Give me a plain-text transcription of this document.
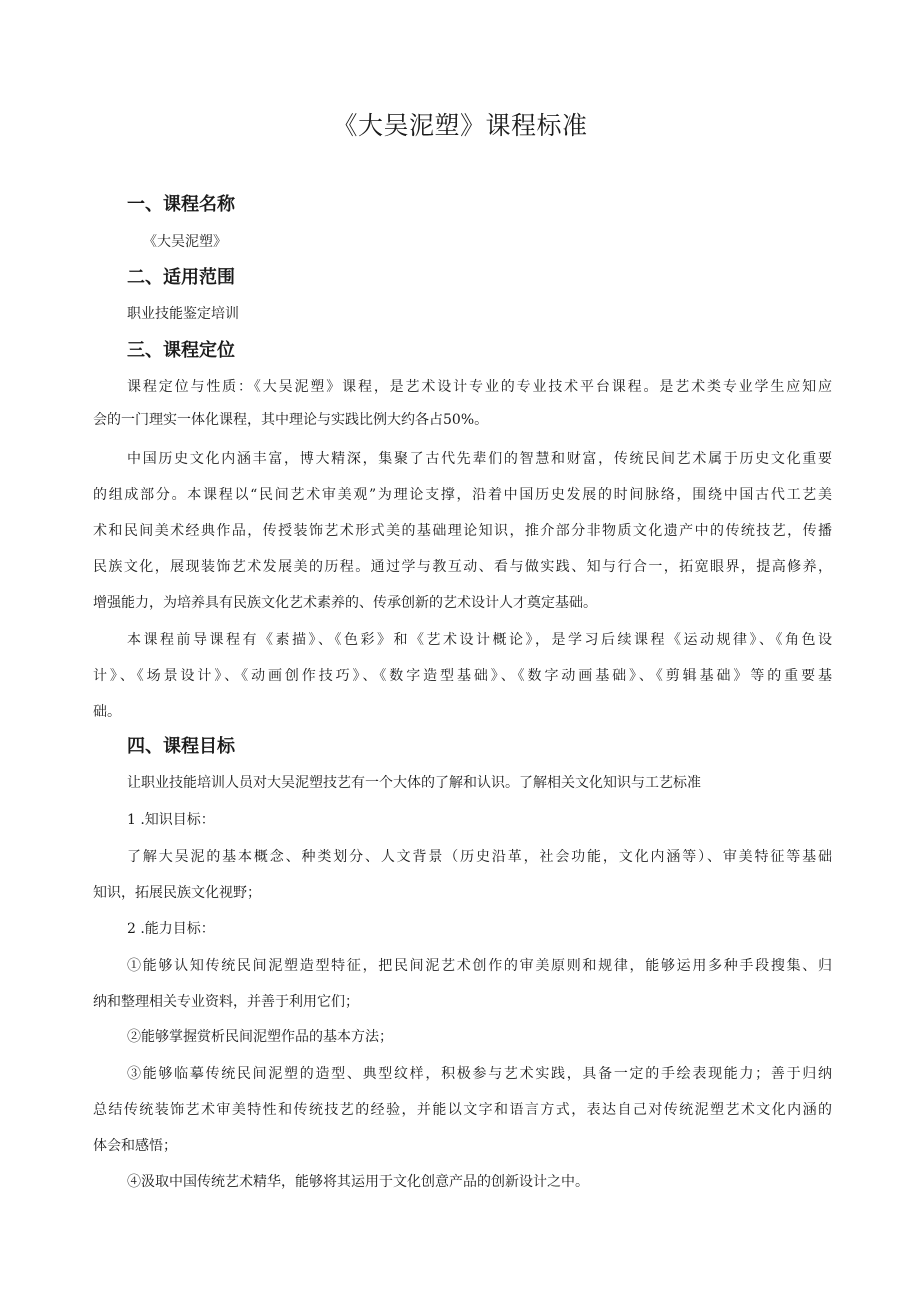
《大吴泥塑》课程标准
一、课程名称
《大吴泥塑》
二、适用范围
职业技能鉴定培训
三、课程定位
课程定位与性质：《大吴泥塑》课程，是艺术设计专业的专业技术平台课程。是艺术类专业学生应知应
会的一门理实一体化课程，其中理论与实践比例大约各占50%。
中国历史文化内涵丰富，博大精深，集聚了古代先辈们的智慧和财富，传统民间艺术属于历史文化重要
的组成部分。本课程以“民间艺术审美观”为理论支撑，沿着中国历史发展的时间脉络，围绕中国古代工艺美
术和民间美术经典作品，传授装饰艺术形式美的基础理论知识，推介部分非物质文化遗产中的传统技艺，传播
民族文化，展现装饰艺术发展美的历程。通过学与教互动、看与做实践、知与行合一，拓宽眼界，提高修养，
增强能力，为培养具有民族文化艺术素养的、传承创新的艺术设计人才奠定基础。
本课程前导课程有《素描》、《色彩》和《艺术设计概论》，是学习后续课程《运动规律》、《角色设
计》、《场景设计》、《动画创作技巧》、《数字造型基础》、《数字动画基础》、《剪辑基础》等的重要基
础。
四、课程目标
让职业技能培训人员对大吴泥塑技艺有一个大体的了解和认识。了解相关文化知识与工艺标准
1 .知识目标：
了解大吴泥的基本概念、种类划分、人文背景（历史沿革，社会功能，文化内涵等）、审美特征等基础
知识，拓展民族文化视野；
2 .能力目标：
①能够认知传统民间泥塑造型特征，把民间泥艺术创作的审美原则和规律，能够运用多种手段搜集、归
纳和整理相关专业资料，并善于利用它们；
②能够掌握赏析民间泥塑作品的基本方法；
③能够临摹传统民间泥塑的造型、典型纹样，积极参与艺术实践，具备一定的手绘表现能力；善于归纳
总结传统装饰艺术审美特性和传统技艺的经验，并能以文字和语言方式，表达自己对传统泥塑艺术文化内涵的
体会和感悟；
④汲取中国传统艺术精华，能够将其运用于文化创意产品的创新设计之中。
